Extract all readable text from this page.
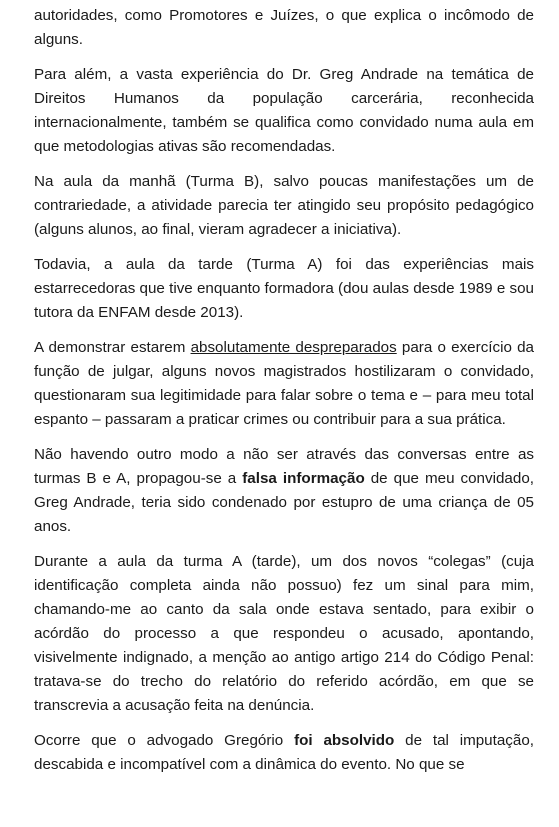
autoridades, como Promotores e Juízes, o que explica o incômodo de alguns.

Para além, a vasta experiência do Dr. Greg Andrade na temática de Direitos Humanos da população carcerária, reconhecida internacionalmente, também se qualifica como convidado numa aula em que metodologias ativas são recomendadas.

Na aula da manhã (Turma B), salvo poucas manifestações um de contrariedade, a atividade parecia ter atingido seu propósito pedagógico (alguns alunos, ao final, vieram agradecer a iniciativa).

Todavia, a aula da tarde (Turma A) foi das experiências mais estarrecedoras que tive enquanto formadora (dou aulas desde 1989 e sou tutora da ENFAM desde 2013).

A demonstrar estarem absolutamente despreparados para o exercício da função de julgar, alguns novos magistrados hostilizaram o convidado, questionaram sua legitimidade para falar sobre o tema e – para meu total espanto – passaram a praticar crimes ou contribuir para a sua prática.

Não havendo outro modo a não ser através das conversas entre as turmas B e A, propagou-se a falsa informação de que meu convidado, Greg Andrade, teria sido condenado por estupro de uma criança de 05 anos.

Durante a aula da turma A (tarde), um dos novos “colegas” (cuja identificação completa ainda não possuo) fez um sinal para mim, chamando-me ao canto da sala onde estava sentado, para exibir o acórdão do processo a que respondeu o acusado, apontando, visivelmente indignado, a menção ao antigo artigo 214 do Código Penal: tratava-se do trecho do relatório do referido acórdão, em que se transcrevia a acusação feita na denúncia.

Ocorre que o advogado Gregório foi absolvido de tal imputação, descabida e incompatível com a dinâmica do evento. No que se
